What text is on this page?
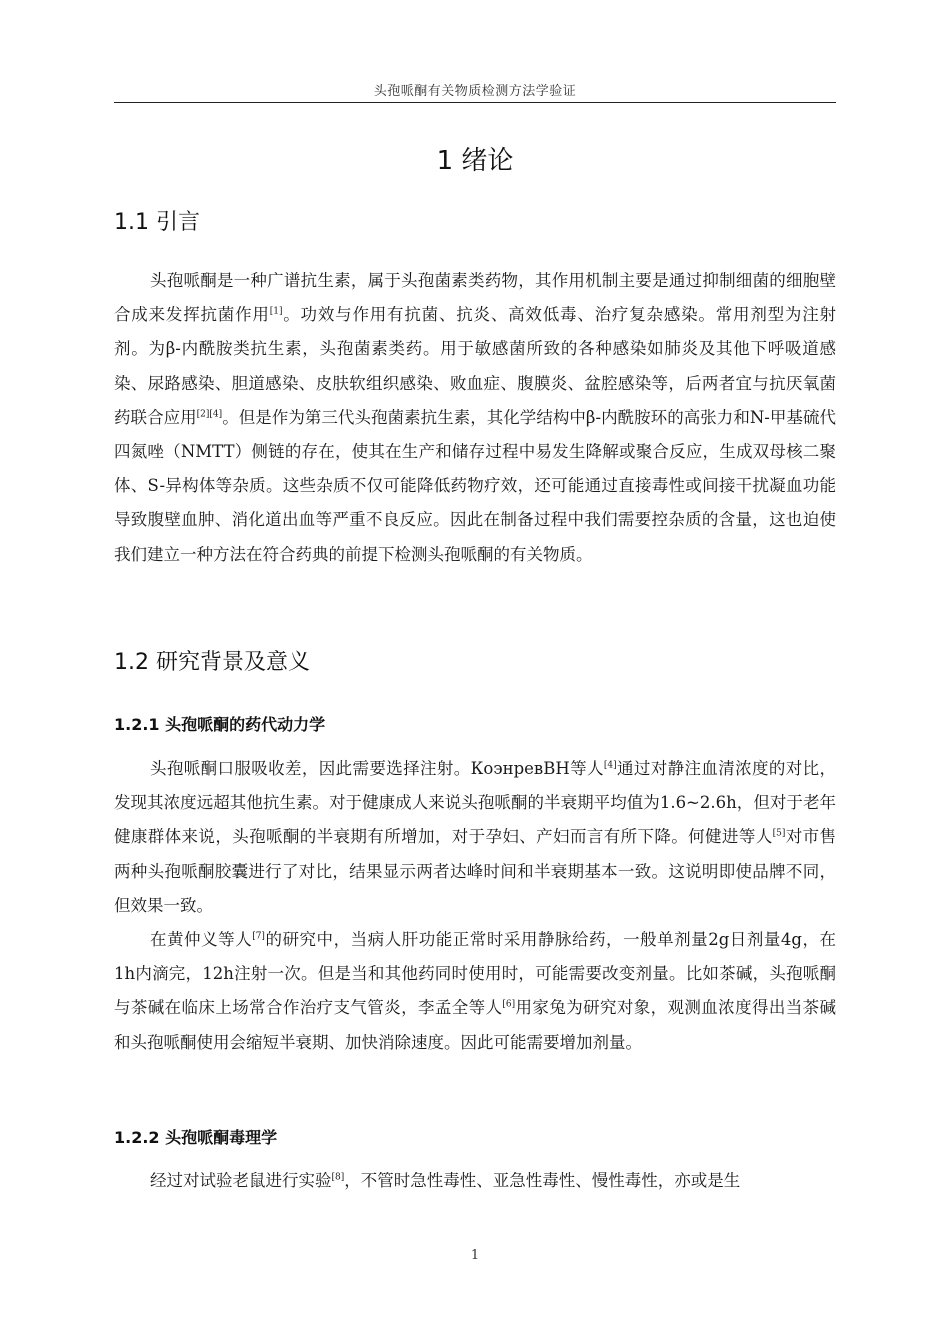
头孢哌酮有关物质检测方法学验证
1 绪论
1.1 引言

头孢哌酮是一种广谱抗生素，属于头孢菌素类药物，其作用机制主要是通过抑制细菌的细胞壁合成来发挥抗菌作用[1]。功效与作用有抗菌、抗炎、高效低毒、治疗复杂感染。常用剂型为注射剂。为β-内酰胺类抗生素，头孢菌素类药。用于敏感菌所致的各种感染如肺炎及其他下呼吸道感染、尿路感染、胆道感染、皮肤软组织感染、败血症、腹膜炎、盆腔感染等，后两者宜与抗厌氧菌药联合应用[2][4]。但是作为第三代头孢菌素抗生素，其化学结构中β-内酰胺环的高张力和N-甲基硫代四氮唑（NMTT）侧链的存在，使其在生产和储存过程中易发生降解或聚合反应，生成双母核二聚体、S-异构体等杂质。这些杂质不仅可能降低药物疗效，还可能通过直接毒性或间接干扰凝血功能导致腹壁血肿、消化道出血等严重不良反应。因此在制备过程中我们需要控杂质的含量，这也迫使我们建立一种方法在符合药典的前提下检测头孢哌酮的有关物质。

1.2 研究背景及意义
1.2.1 头孢哌酮的药代动力学

头孢哌酮口服吸收差，因此需要选择注射。КоэнревВН等人[4]通过对静注血清浓度的对比，发现其浓度远超其他抗生素。对于健康成人来说头孢哌酮的半衰期平均值为1.6~2.6h，但对于老年健康群体来说，头孢哌酮的半衰期有所增加，对于孕妇、产妇而言有所下降。何健进等人[5]对市售两种头孢哌酮胶囊进行了对比，结果显示两者达峰时间和半衰期基本一致。这说明即使品牌不同，但效果一致。

在黄仲义等人[7]的研究中，当病人肝功能正常时采用静脉给药，一般单剂量2g日剂量4g，在1h内滴完，12h注射一次。但是当和其他药同时使用时，可能需要改变剂量。比如茶碱，头孢哌酮与茶碱在临床上场常合作治疗支气管炎，李孟全等人[6]用家兔为研究对象，观测血浓度得出当茶碱和头孢哌酮使用会缩短半衰期、加快消除速度。因此可能需要增加剂量。

1.2.2 头孢哌酮毒理学

经过对试验老鼠进行实验[8]，不管时急性毒性、亚急性毒性、慢性毒性，亦或是生

1
